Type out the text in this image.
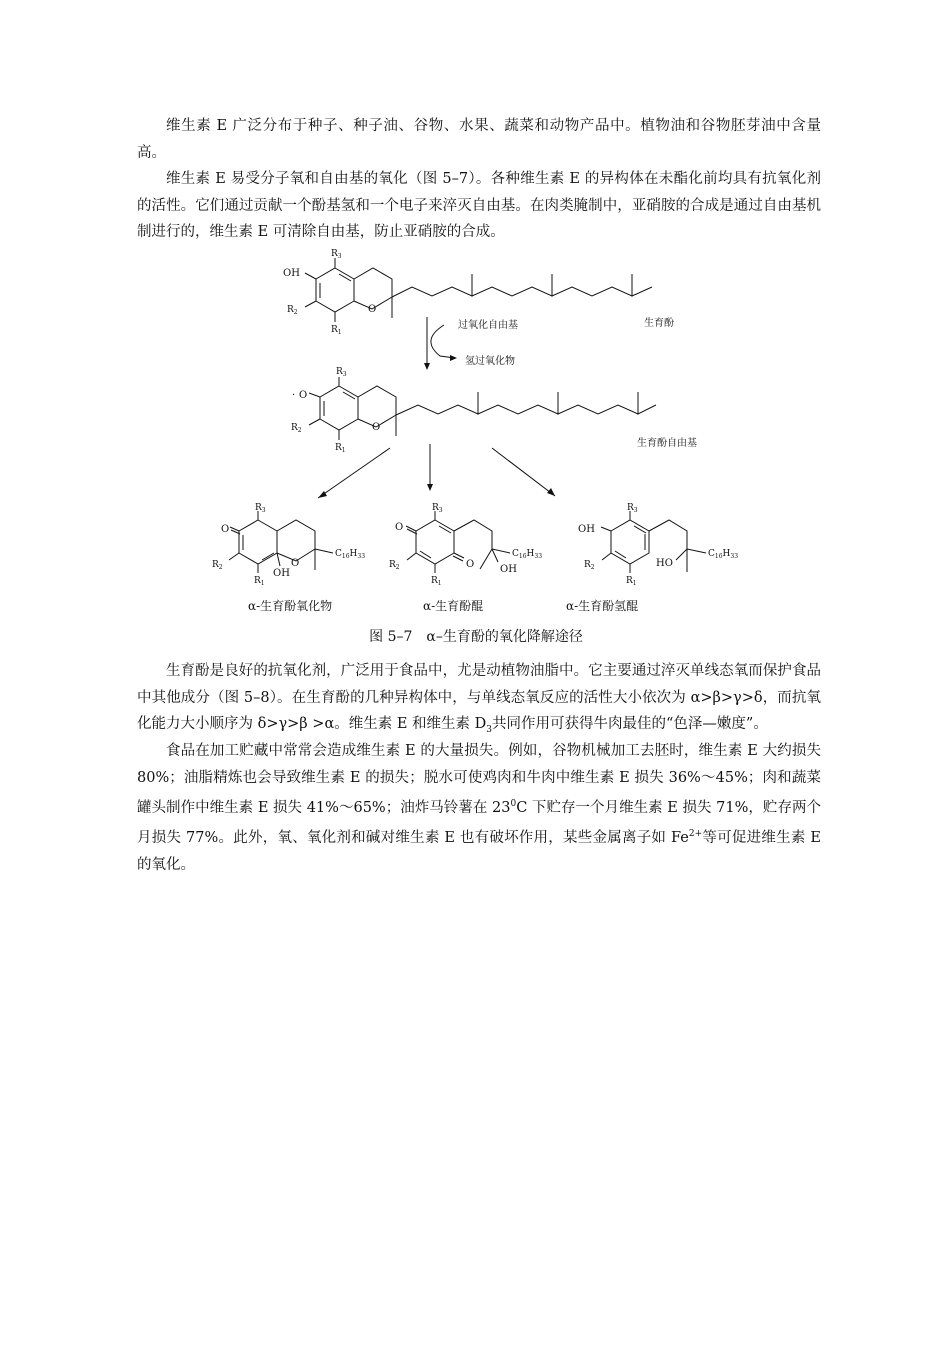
维生素 E 广泛分布于种子、种子油、谷物、水果、蔬菜和动物产品中。植物油和谷物胚芽油中含量高。

维生素 E 易受分子氧和自由基的氧化（图 5–7）。各种维生素 E 的异构体在未酯化前均具有抗氧化剂的活性。它们通过贡献一个酚基氢和一个电子来淬灭自由基。在肉类腌制中，亚硝胺的合成是通过自由基机制进行的，维生素 E 可清除自由基，防止亚硝胺的合成。

$R_3$
OH
$R_2$
$R_1$
O
生育酚
过氧化自由基
氢过氧化物
· O
$R_3$
$R_2$
$R_1$
O
生育酚自由基
O
$R_3$
$R_2$
$R_1$
O
OH
$C_{16}H_{33}$
α-生育酚氧化物
O
O
$R_3$
$R_2$
$R_1$
OH
$C_{16}H_{33}$
α-生育酚醌
OH
$R_3$
$R_2$
$R_1$
HO
$C_{16}H_{33}$
α-生育酚氢醌
图 5–7　α–生育酚的氧化降解途径

生育酚是良好的抗氧化剂，广泛用于食品中，尤是动植物油脂中。它主要通过淬灭单线态氧而保护食品中其他成分（图 5–8）。在生育酚的几种异构体中，与单线态氧反应的活性大小依次为 α>β>γ>δ，而抗氧化能力大小顺序为 δ>γ>β >α。维生素 E 和维生素 $D_3$共同作用可获得牛肉最佳的“色泽—嫩度”。

食品在加工贮藏中常常会造成维生素 E 的大量损失。例如，谷物机械加工去胚时，维生素 E 大约损失 80%；油脂精炼也会导致维生素 E 的损失；脱水可使鸡肉和牛肉中维生素 E 损失 36%～45%；肉和蔬菜罐头制作中维生素 E 损失 41%～65%；油炸马铃薯在 $23^0C$ 下贮存一个月维生素 E 损失 71%，贮存两个月损失 77%。此外，氧、氧化剂和碱对维生素 E 也有破坏作用，某些金属离子如 $Fe^{2+}$等可促进维生素 E 的氧化。
